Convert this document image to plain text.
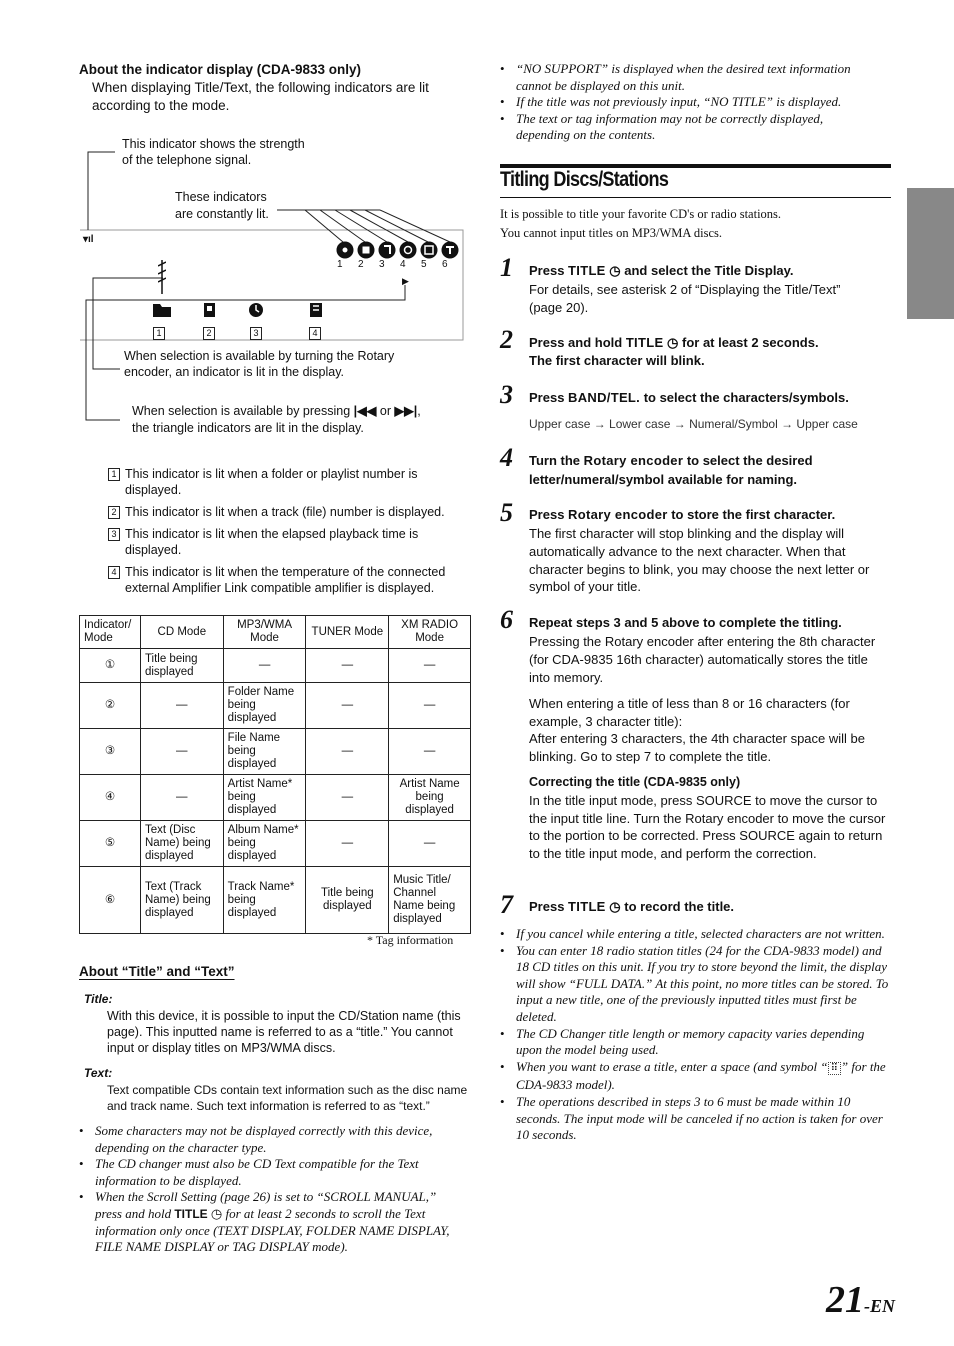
About the indicator display (CDA-9833 only)
When displaying Title/Text, the following indicators are lit according to the mode.
This indicator shows the strength
of the telephone signal.
These indicators
are constantly lit.
▾ıl
1 2 3 4 5 6
▶
1	2	3	4
When selection is available by turning the Rotary
encoder, an indicator is lit in the display.
When selection is available by pressing |◀◀ or ▶▶|,
the triangle indicators are lit in the display.
1 This indicator is lit when a folder or playlist number is displayed.
2 This indicator is lit when a track (file) number is displayed.
3 This indicator is lit when the elapsed playback time is displayed.
4 This indicator is lit when the temperature of the connected external Amplifier Link compatible amplifier is displayed.
Indicator/ Mode	CD Mode	MP3/WMA Mode	TUNER Mode	XM RADIO Mode
①	Title being displayed	—	—	—
②	—	Folder Name being displayed	—	—
③	—	File Name being displayed	—	—
④	—	Artist Name* being displayed	—	Artist Name being displayed
⑤	Text (Disc Name) being displayed	Album Name* being displayed	—	—
⑥	Text (Track Name) being displayed	Track Name* being displayed	Title being displayed	Music Title/ Channel Name being displayed
* Tag information
About “Title” and “Text”
Title:
With this device, it is possible to input the CD/Station name (this page). This inputted name is referred to as a “title.” You cannot input or display titles on MP3/WMA discs.
Text:
Text compatible CDs contain text information such as the disc name and track name. Such text information is referred to as “text.”
• Some characters may not be displayed correctly with this device, depending on the character type.
• The CD changer must also be CD Text compatible for the Text information to be displayed.
• When the Scroll Setting (page 26) is set to “SCROLL MANUAL,” press and hold TITLE ◷ for at least 2 seconds to scroll the Text information only once (TEXT DISPLAY, FOLDER NAME DISPLAY, FILE NAME DISPLAY or TAG DISPLAY mode).
• “NO SUPPORT” is displayed when the desired text information cannot be displayed on this unit.
• If the title was not previously input, “NO TITLE” is displayed.
• The text or tag information may not be correctly displayed, depending on the contents.
Titling Discs/Stations
It is possible to title your favorite CD's or radio stations.
You cannot input titles on MP3/WMA discs.
1 Press TITLE ◷ and select the Title Display.
For details, see asterisk 2 of “Displaying the Title/Text” (page 20).
2 Press and hold TITLE ◷ for at least 2 seconds.
The first character will blink.
3 Press BAND/TEL. to select the characters/symbols.
Upper case → Lower case → Numeral/Symbol → Upper case
4 Turn the Rotary encoder to select the desired letter/numeral/symbol available for naming.
5 Press Rotary encoder to store the first character.
The first character will stop blinking and the display will automatically advance to the next character. When that character begins to blink, you may choose the next letter or symbol of your title.
6 Repeat steps 3 and 5 above to complete the titling.
Pressing the Rotary encoder after entering the 8th character (for CDA-9835 16th character) automatically stores the title into memory.
When entering a title of less than 8 or 16 characters (for example, 3 character title):
After entering 3 characters, the 4th character space will be blinking. Go to step 7 to complete the title.
Correcting the title (CDA-9835 only)
In the title input mode, press SOURCE to move the cursor to the input title line. Turn the Rotary encoder to move the cursor to the portion to be corrected. Press SOURCE again to return to the title input mode, and perform the correction.
7 Press TITLE ◷ to record the title.
• If you cancel while entering a title, selected characters are not written.
• You can enter 18 radio station titles (24 for the CDA-9833 model) and 18 CD titles on this unit. If you try to store beyond the limit, the display will show “FULL DATA.” At this point, no more titles can be stored. To input a new title, one of the previously inputted titles must first be deleted.
• The CD Changer title length or memory capacity varies depending upon the model being used.
• When you want to erase a title, enter a space (and symbol “ ⠿ ” for the CDA-9833 model).
• The operations described in steps 3 to 6 must be made within 10 seconds. The input mode will be canceled if no action is taken for over 10 seconds.
21-EN
